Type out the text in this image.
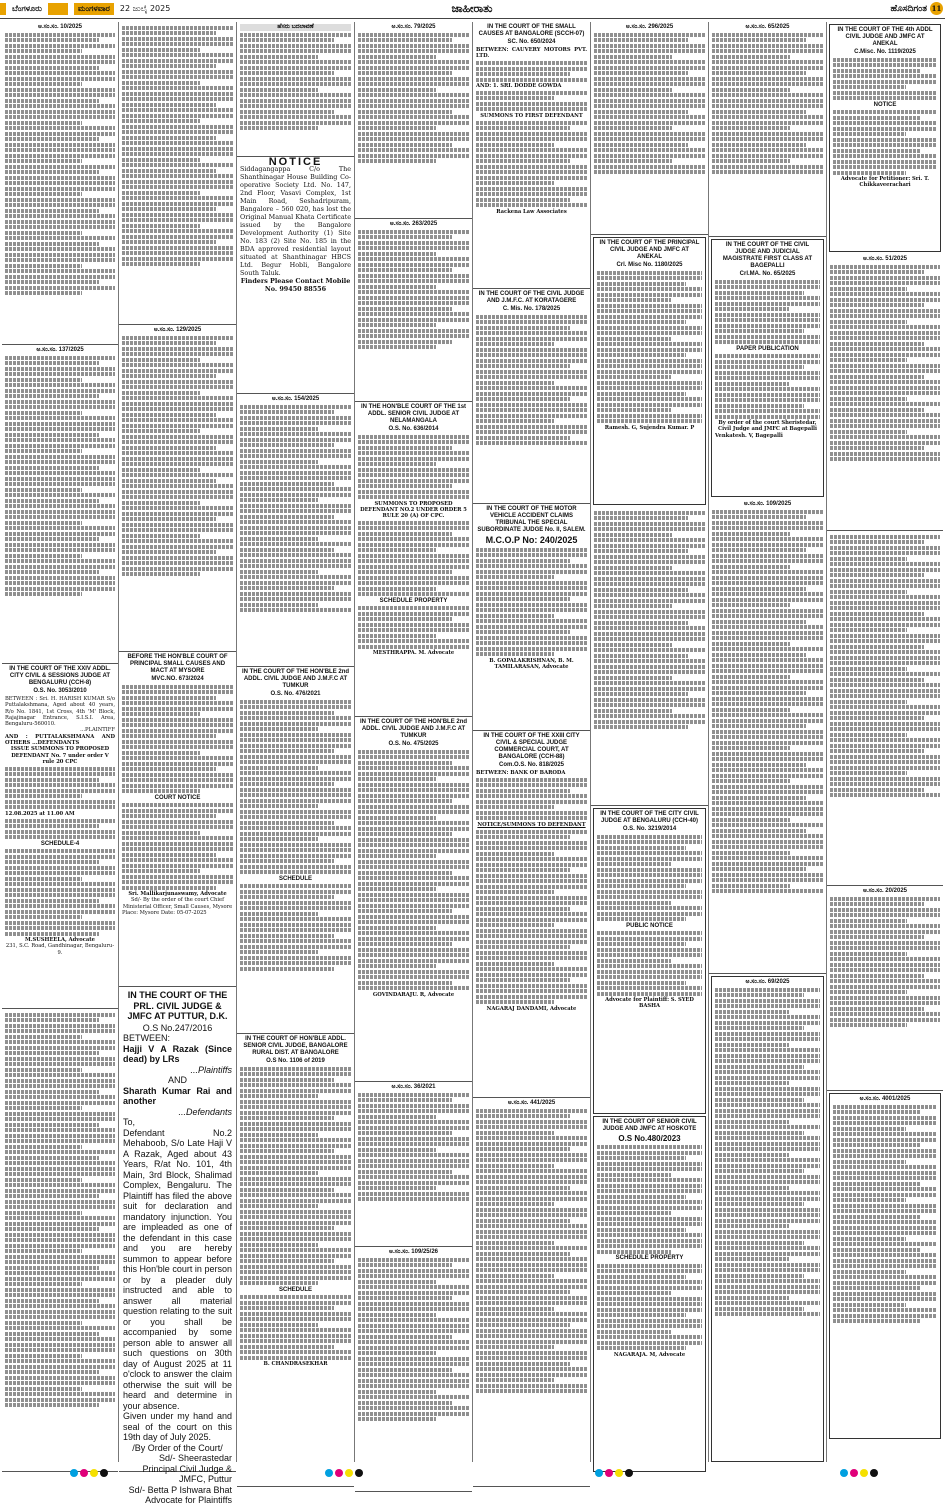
ಬೆಂಗಳೂರು	ಮಂಗಳವಾರ	22 ಜುಲೈ 2025	ಜಾಹೀರಾತು	ಹೊಸದಿಗಂತ 11
ಅ.ಸಂ.ಸಂ. 10/2025
ಅ.ಸಂ.ಸಂ. 137/2025
IN THE COURT OF THE XXIV ADDL. CITY CIVIL & SESSIONS JUDGE AT BENGALURU (CCH-8)
O.S. No. 3053/2010

BETWEEN : Sri. H. HARISH KUMAR S/o Puttalakshmana, Aged about 40 years, R/o No. 1841, 1st Cross, 4th 'M' Block, Rajajinagar Entrance, S.I.S.I. Area, Bengaluru-560010.

...PLAINTIFF

AND : PUTTALAKSHMANA AND OTHERS ...DEFENDANTS

ISSUE SUMMONS TO PROPOSED DEFENDANT No. 7 under order V rule 20 CPC

12.08.2025 at 11.00 AM

SCHEDULE-4

M.SUSHEELA, Advocate

231, S.C. Road, Gandhinagar, Bengaluru-9.

ಅ.ಸಂ.ಸಂ. 129/2025
BEFORE THE HON'BLE COURT OF PRINCIPAL SMALL CAUSES AND MACT AT MYSORE
MVC.NO. 673/2024
COURT NOTICE

Sri. Mallikarjunaswamy, Advocate

Sd/- By the order of the court Chief Ministerial Officer, Small Causes, Mysore

Place: Mysore Date: 05-07-2025

IN THE COURT OF THE PRL. CIVIL JUDGE & JMFC AT PUTTUR, D.K.

O.S No.247/2016

BETWEEN:

Hajji V A Razak (Since dead) by LRs

...Plaintiffs

AND

Sharath Kumar Rai and another

...Defendants

To,

Defendant No.2 Mehaboob, S/o Late Haji V A Razak, Aged about 43 Years, R/at No. 101, 4th Main, 3rd Block, Shalimad Complex, Bengaluru. The Plaintiff has filed the above suit for declaration and mandatory injunction. You are impleaded as one of the defendant in this case and you are hereby summon to appear before this Hon'ble court in person or by a pleader duly instructed and able to answer all material question relating to the suit or you shall be accompanied by some person able to answer all such questions on 30th day of August 2025 at 11 o'clock to answer the claim otherwise the suit will be heard and determine in your absence.

Given under my hand and seal of the court on this 19th day of July 2025.

/By Order of the Court/

Sd/- Sheerastedar Principal Civil Judge & JMFC, Puttur

Sd/- Betta P Ishwara Bhat Advocate for Plaintiffs

ಹೆಸರು ಬದಲಾವಣೆ
NOTICE

Siddagangappa C/o The Shanthinagar House Building Co-operative Society Ltd. No. 147, 2nd Floor, Vasavi Complex, 1st Main Road, Seshadripuram, Bangalore – 560 020, has lost the Original Manual Khata Certificate issued by the Bangalore Development Authority (1) Site No. 183 (2) Site No. 185 in the BDA approved residential layout situated at Shanthinagar HBCS Ltd. Begur Hobli, Bangalore South Taluk.

Finders Please Contact Mobile No. 99450 88556

ಅ.ಸಂ.ಸಂ. 154/2025
IN THE COURT OF THE HON'BLE 2nd ADDL. CIVIL JUDGE AND J.M.F.C AT TUMKUR
O.S. No. 476/2021
SCHEDULE
IN THE COURT OF HON'BLE ADDL. SENIOR CIVIL JUDGE, BANGALORE RURAL DIST. AT BANGALORE
O.S No. 1106 of 2019
SCHEDULE

B. CHANDRASEKHAR

ಅ.ಸಂ.ಸಂ. 79/2025
ಅ.ಸಂ.ಸಂ. 263/2025
IN THE HON'BLE COURT OF THE 1st ADDL. SENIOR CIVIL JUDGE AT NELAMANGALA
O.S. No. 636/2014

SUMMONS TO PROPOSED DEFENDANT NO.2 UNDER ORDER 5 RULE 20 (A) OF CPC.

SCHEDULE PROPERTY

MESTHRAPPA. M. Advocate

IN THE COURT OF THE HON'BLE 2nd ADDL. CIVIL JUDGE AND J.M.F.C AT TUMKUR
O.S. No. 475/2025

GOVINDARAJU. R, Advocate

ಅ.ಸಂ.ಸಂ. 36/2021
ಅ.ಸಂ.ಸಂ. 109/25/26
IN THE COURT OF THE SMALL CAUSES AT BANGALORE (SCCH-07)
SC. No. 650/2024

BETWEEN: CAUVERY MOTORS PVT. LTD.

AND: 1. SRI. DODDE GOWDA

SUMMONS TO FIRST DEFENDANT

Rackena Law Associates

IN THE COURT OF THE CIVIL JUDGE AND J.M.F.C. AT KORATAGERE
C. Mis. No. 178/2025
IN THE COURT OF THE MOTOR VEHICLE ACCIDENT CLAIMS TRIBUNAL THE SPECIAL SUBORDINATE JUDGE No. II, SALEM.

M.C.O.P No: 240/2025

B. GOPALAKRISHNAN, B. M. TAMILARASAN, Advocate

IN THE COURT OF THE XXIII CITY CIVIL & SPECIAL JUDGE COMMERCIAL COURT, AT BANGALORE (CCH-88)
Com.O.S. No. 818/2025

BETWEEN: BANK OF BARODA

NOTICE/SUMMONS TO DEFENDANT

NAGARAJ DANDAMI, Advocate

ಅ.ಸಂ.ಸಂ. 441/2025
ಅ.ಸಂ.ಸಂ. 296/2025
IN THE COURT OF THE PRINCIPAL CIVIL JUDGE AND JMFC AT ANEKAL
Crl. Misc No. 1180/2025

Ramesh. G, Sujendra Kumar. P

IN THE COURT OF THE CITY CIVIL JUDGE AT BENGALURU (CCH-40)
O.S. No. 3219/2014
PUBLIC NOTICE

Advocate for Plaintiff: S. SYED BASHA

IN THE COURT OF SENIOR CIVIL JUDGE AND JMFC AT HOSKOTE

O.S No.480/2023

SCHEDULE PROPERTY

NAGARAJA. M, Advocate

ಅ.ಸಂ.ಸಂ. 65/2025
IN THE COURT OF THE CIVIL JUDGE AND JUDICIAL MAGISTRATE FIRST CLASS AT BAGEPALLI
Crl.MA. No. 65/2025
PAPER PUBLICATION

By order of the court Sheristedar, Civil Judge and JMFC at Bagepalli

Venkatesh. V, Bagepalli

ಅ.ಸಂ.ಸಂ. 109/2025
ಅ.ಸಂ.ಸಂ. 69/2025
IN THE COURT OF THE 4th ADDL CIVIL JUDGE AND JMFC AT ANEKAL
C.Misc. No. 1119/2025
NOTICE

Advocate for Petitioner: Sri. T. Chikkaveerachari

ಅ.ಸಂ.ಸಂ. 51/2025
ಅ.ಸಂ.ಸಂ. 20/2025
ಅ.ಸಂ.ಸಂ. 4001/2025
